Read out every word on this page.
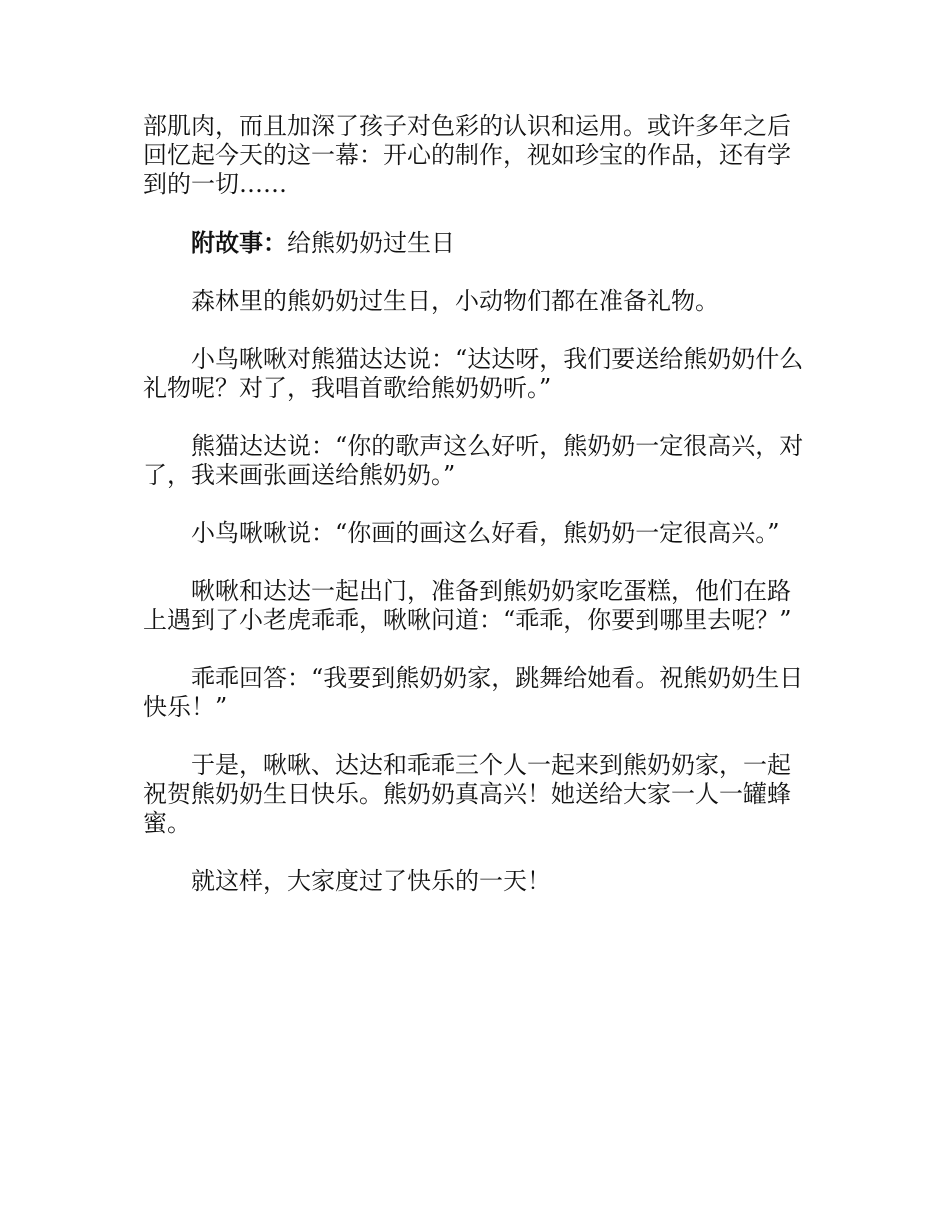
部肌肉，而且加深了孩子对色彩的认识和运用。或许多年之后回忆起今天的这一幕：开心的制作，视如珍宝的作品，还有学到的一切……

附故事：给熊奶奶过生日

森林里的熊奶奶过生日，小动物们都在准备礼物。

小鸟啾啾对熊猫达达说：“达达呀，我们要送给熊奶奶什么礼物呢？对了，我唱首歌给熊奶奶听。”

熊猫达达说：“你的歌声这么好听，熊奶奶一定很高兴，对了，我来画张画送给熊奶奶。”

小鸟啾啾说：“你画的画这么好看，熊奶奶一定很高兴。”

啾啾和达达一起出门，准备到熊奶奶家吃蛋糕，他们在路上遇到了小老虎乖乖，啾啾问道：“乖乖，你要到哪里去呢？”

乖乖回答：“我要到熊奶奶家，跳舞给她看。祝熊奶奶生日快乐！”

于是，啾啾、达达和乖乖三个人一起来到熊奶奶家，一起祝贺熊奶奶生日快乐。熊奶奶真高兴！她送给大家一人一罐蜂蜜。

就这样，大家度过了快乐的一天！
